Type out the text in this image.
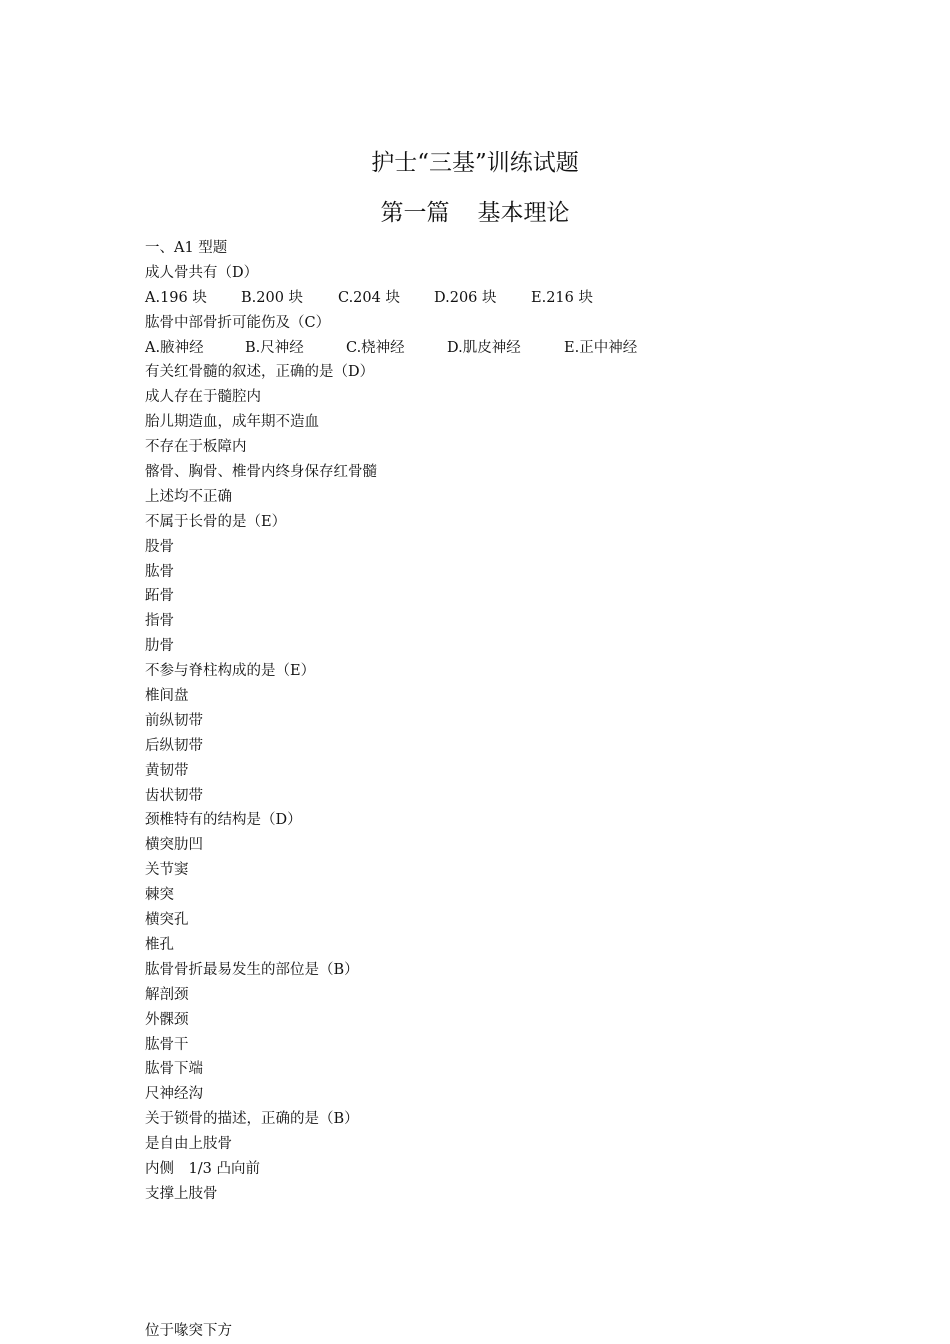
护士“三基”训练试题
第一篇 基本理论
一、A1 型题
成人骨共有（D）
A.196 块 B.200 块 C.204 块 D.206 块 E.216 块
肱骨中部骨折可能伤及（C）
A.腋神经	B.尺神经	C.桡神经	D.肌皮神经	E.正中神经
有关红骨髓的叙述，正确的是（D）
成人存在于髓腔内
胎儿期造血，成年期不造血
不存在于板障内
髂骨、胸骨、椎骨内终身保存红骨髓
上述均不正确
不属于长骨的是（E）
股骨
肱骨
跖骨
指骨
肋骨
不参与脊柱构成的是（E）
椎间盘
前纵韧带
后纵韧带
黄韧带
齿状韧带
颈椎特有的结构是（D）
横突肋凹
关节窦
棘突
横突孔
椎孔
肱骨骨折最易发生的部位是（B）
解剖颈
外髁颈
肱骨干
肱骨下端
尺神经沟
关于锁骨的描述，正确的是（B）
是自由上肢骨
内侧　1/3 凸向前
支撑上肢骨
位于喙突下方
